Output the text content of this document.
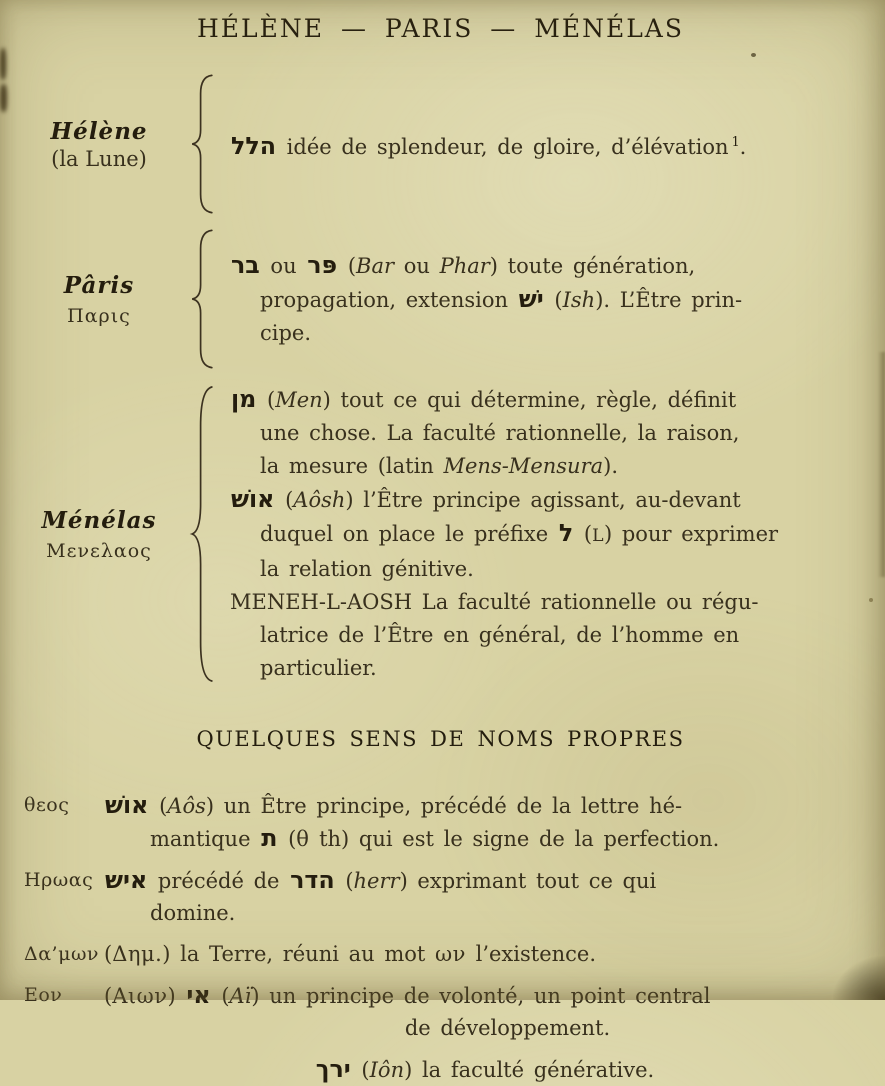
HÉLÈNE — PARIS — MÉNÉLAS
Hélène
(la Lune)	הלל idée de splendeur, de gloire, d’élévation $^1$.
Pâris
Παρις
בר ou פּר (Bar ou Phar) toute génération,
propagation, extension ישׁ (Ish). L’Être prin-
cipe.
Ménélas
Μενελαος
מן (Men) tout ce qui détermine, règle, définit
une chose. La faculté rationnelle, la raison,
la mesure (latin Mens-Mensura).
אוֹש (Aôsh) l’Être principe agissant, au-devant
duquel on place le préfixe ל (L) pour exprimer
la relation génitive.
MENEH-L-AOSH La faculté rationnelle ou régu-
latrice de l’Être en général, de l’homme en
particulier.
QUELQUES SENS DE NOMS PROPRES
θεος	אוֹש (Aôs) un Être principe, précédé de la lettre hé-
mantique ת (θ th) qui est le signe de la perfection.
Ηρωας איש précédé de הדר (herr) exprimant tout ce qui
domine.
Δα’μων (Δημ.) la Terre, réuni au mot ων l’existence.
Εον	(Αιων) אי (Aï) un principe de volonté, un point central
de développement.
ירך (Iôn) la faculté générative.
